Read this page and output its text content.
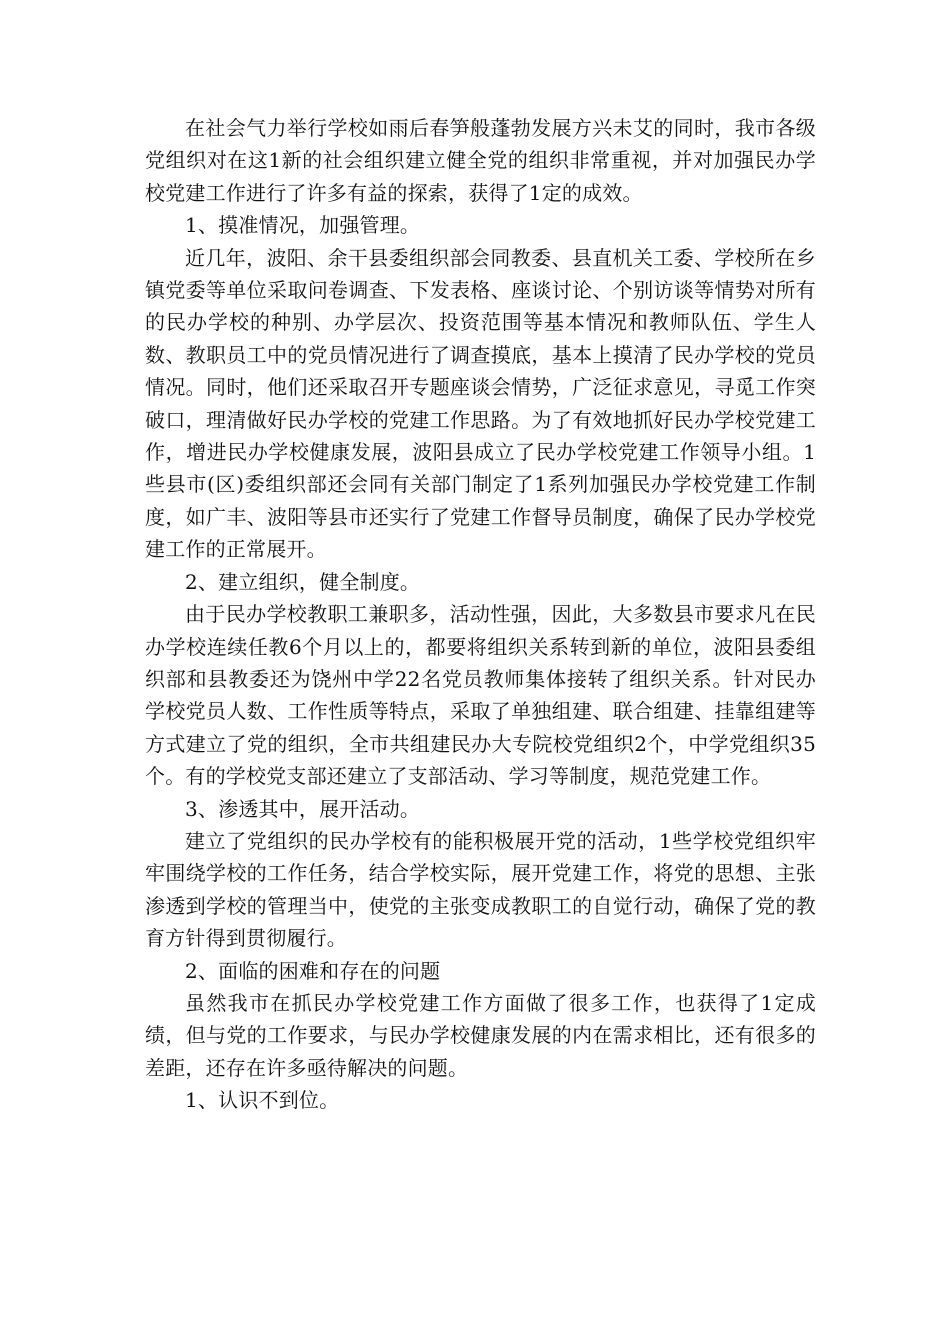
在社会气力举行学校如雨后春笋般蓬勃发展方兴未艾的同时，我市各级党组织对在这1新的社会组织建立健全党的组织非常重视，并对加强民办学校党建工作进行了许多有益的探索，获得了1定的成效。

1、摸准情况，加强管理。

近几年，波阳、余干县委组织部会同教委、县直机关工委、学校所在乡镇党委等单位采取问卷调查、下发表格、座谈讨论、个别访谈等情势对所有的民办学校的种别、办学层次、投资范围等基本情况和教师队伍、学生人数、教职员工中的党员情况进行了调查摸底，基本上摸清了民办学校的党员情况。同时，他们还采取召开专题座谈会情势，广泛征求意见，寻觅工作突破口，理清做好民办学校的党建工作思路。为了有效地抓好民办学校党建工作，增进民办学校健康发展，波阳县成立了民办学校党建工作领导小组。1些县市(区)委组织部还会同有关部门制定了1系列加强民办学校党建工作制度，如广丰、波阳等县市还实行了党建工作督导员制度，确保了民办学校党建工作的正常展开。

2、建立组织，健全制度。

由于民办学校教职工兼职多，活动性强，因此，大多数县市要求凡在民办学校连续任教6个月以上的，都要将组织关系转到新的单位，波阳县委组织部和县教委还为饶州中学22名党员教师集体接转了组织关系。针对民办学校党员人数、工作性质等特点，采取了单独组建、联合组建、挂靠组建等方式建立了党的组织，全市共组建民办大专院校党组织2个，中学党组织35个。有的学校党支部还建立了支部活动、学习等制度，规范党建工作。

3、渗透其中，展开活动。

建立了党组织的民办学校有的能积极展开党的活动，1些学校党组织牢牢围绕学校的工作任务，结合学校实际，展开党建工作，将党的思想、主张渗透到学校的管理当中，使党的主张变成教职工的自觉行动，确保了党的教育方针得到贯彻履行。

2、面临的困难和存在的问题

虽然我市在抓民办学校党建工作方面做了很多工作，也获得了1定成绩，但与党的工作要求，与民办学校健康发展的内在需求相比，还有很多的差距，还存在许多亟待解决的问题。

1、认识不到位。
